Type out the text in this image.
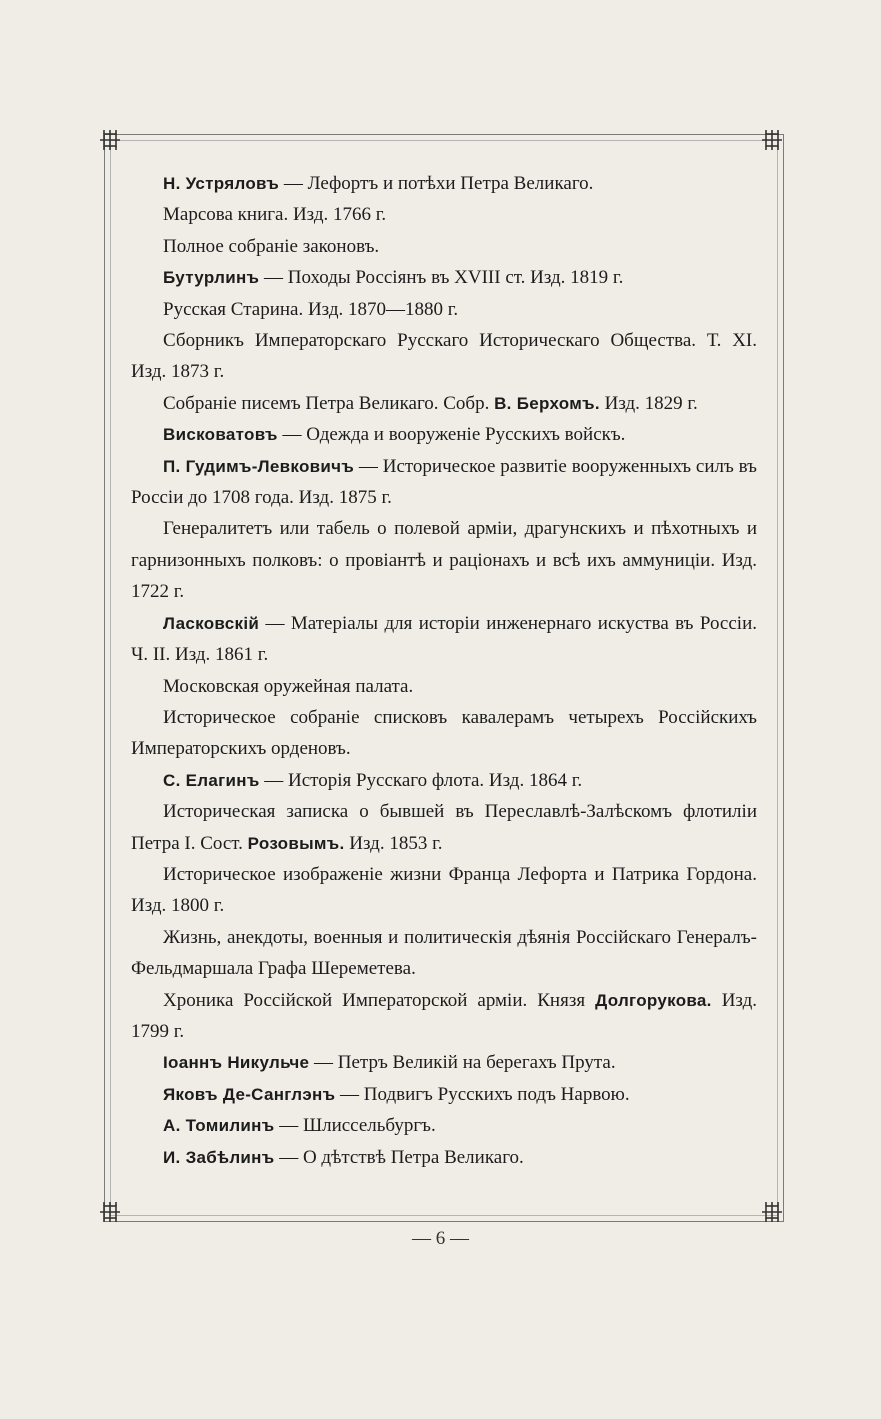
Н. Устряловъ — Лефортъ и потѣхи Петра Великаго.

Марсова книга. Изд. 1766 г.

Полное собраніе законовъ.

Бутурлинъ — Походы Россіянъ въ XVIII ст. Изд. 1819 г.

Русская Старина. Изд. 1870—1880 г.

Сборникъ Императорскаго Русскаго Историческаго Общества. Т. XI. Изд. 1873 г.

Собраніе писемъ Петра Великаго. Собр. В. Берхомъ. Изд. 1829 г.

Висковатовъ — Одежда и вооруженіе Русскихъ войскъ.

П. Гудимъ-Левковичъ — Историческое развитіе вооруженныхъ силъ въ Россіи до 1708 года. Изд. 1875 г.

Генералитетъ или табель о полевой арміи, драгунскихъ и пѣхотныхъ и гарнизонныхъ полковъ: о провіантѣ и раціонахъ и всѣ ихъ аммуниціи. Изд. 1722 г.

Ласковскій — Матеріалы для исторіи инженернаго искуства въ Россіи. Ч. II. Изд. 1861 г.

Московская оружейная палата.

Историческое собраніе списковъ кавалерамъ четырехъ Россійскихъ Императорскихъ орденовъ.

С. Елагинъ — Исторія Русскаго флота. Изд. 1864 г.

Историческая записка о бывшей въ Переславлѣ-Залѣскомъ флотиліи Петра I. Сост. Розовымъ. Изд. 1853 г.

Историческое изображеніе жизни Франца Лефорта и Патрика Гордона. Изд. 1800 г.

Жизнь, анекдоты, военныя и политическія дѣянія Россійскаго Генералъ-Фельдмаршала Графа Шереметева.

Хроника Россійской Императорской арміи. Князя Долгорукова. Изд. 1799 г.

Іоаннъ Никульче — Петръ Великій на берегахъ Прута.

Яковъ Де-Санглэнъ — Подвигъ Русскихъ подъ Нарвою.

А. Томилинъ — Шлиссельбургъ.

И. Забѣлинъ — О дѣтствѣ Петра Великаго.

— 6 —
